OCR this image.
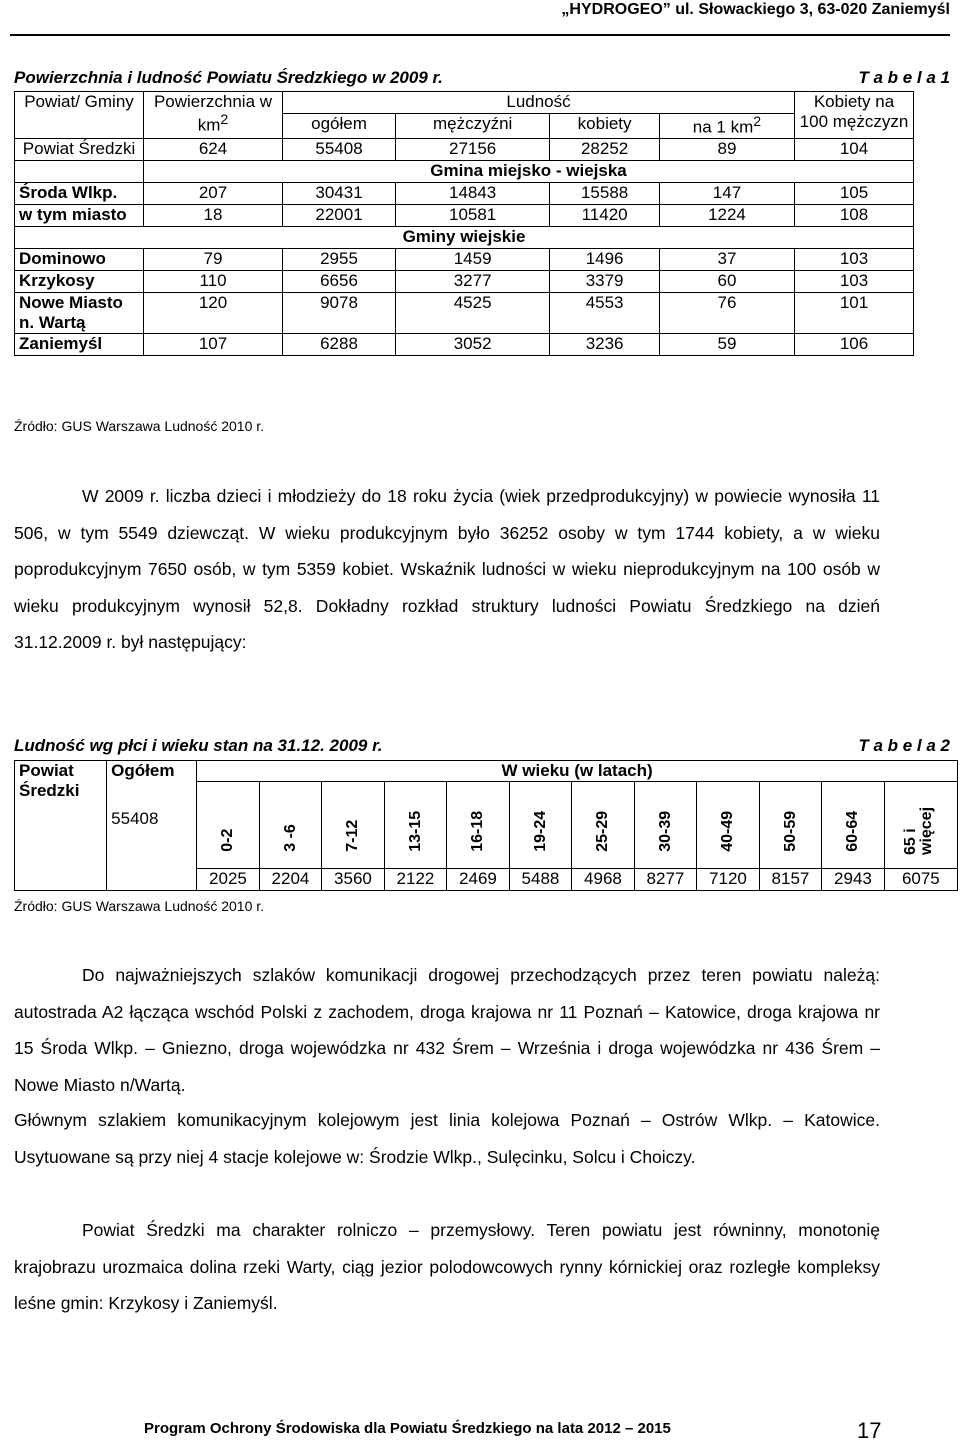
„HYDROGEO” ul. Słowackiego 3, 63-020 Zaniemyśl
Powierzchnia i ludność Powiatu Średzkiego w 2009 r.	T a b e l a 1
Powiat/ Gminy	Powierzchnia w $km^2$	Ludność				Kobiety na 100 mężczyzn
		ogółem	mężczyźni	kobiety	na 1 $km^2$
Powiat Średzki	624	55408	27156	28252	89	104
	Gmina miejsko - wiejska					
Środa Wlkp.	207	30431	14843	15588	147	105
w tym miasto	18	22001	10581	11420	1224	108
Gminy wiejskie						
Dominowo	79	2955	1459	1496	37	103
Krzykosy	110	6656	3277	3379	60	103
Nowe Miasto n. Wartą	120	9078	4525	4553	76	101
Zaniemyśl	107	6288	3052	3236	59	106
Źródło: GUS Warszawa Ludność 2010 r.
W 2009 r. liczba dzieci i młodzieży do 18 roku życia (wiek przedprodukcyjny) w powiecie wynosiła 11 506, w tym 5549 dziewcząt. W wieku produkcyjnym było 36252 osoby w tym 1744 kobiety, a w wieku poprodukcyjnym 7650 osób, w tym 5359 kobiet. Wskaźnik ludności w wieku nieprodukcyjnym na 100 osób w wieku produkcyjnym wynosił 52,8. Dokładny rozkład struktury ludności Powiatu Średzkiego na dzień 31.12.2009 r. był następujący:
Ludność wg płci i wieku stan na 31.12. 2009 r.	T a b e l a 2
Powiat Średzki	Ogółem	W wieku (w latach)											

		0-2	3 -6	7-12	13-15	16-18	19-24	25-29	30-39	40-49	50-59	60-64	65 i więcej

	55408	2025	2204	3560	2122	2469	5488	4968	8277	7120	8157	2943	6075
Źródło: GUS Warszawa Ludność 2010 r.
Do najważniejszych szlaków komunikacji drogowej przechodzących przez teren powiatu należą: autostrada A2 łącząca wschód Polski z zachodem, droga krajowa nr 11 Poznań – Katowice, droga krajowa nr 15 Środa Wlkp. – Gniezno, droga wojewódzka nr 432 Śrem – Września i droga wojewódzka nr 436 Śrem – Nowe Miasto n/Wartą.
Głównym szlakiem komunikacyjnym kolejowym jest linia kolejowa Poznań – Ostrów Wlkp. – Katowice. Usytuowane są przy niej 4 stacje kolejowe w: Środzie Wlkp., Sulęcinku, Solcu i Choiczy.
Powiat Średzki ma charakter rolniczo – przemysłowy. Teren powiatu jest równinny, monotonię krajobrazu urozmaica dolina rzeki Warty, ciąg jezior polodowcowych rynny kórnickiej oraz rozległe kompleksy leśne gmin: Krzykosy i Zaniemyśl.
Program Ochrony Środowiska dla Powiatu Średzkiego na lata 2012 – 2015	17
